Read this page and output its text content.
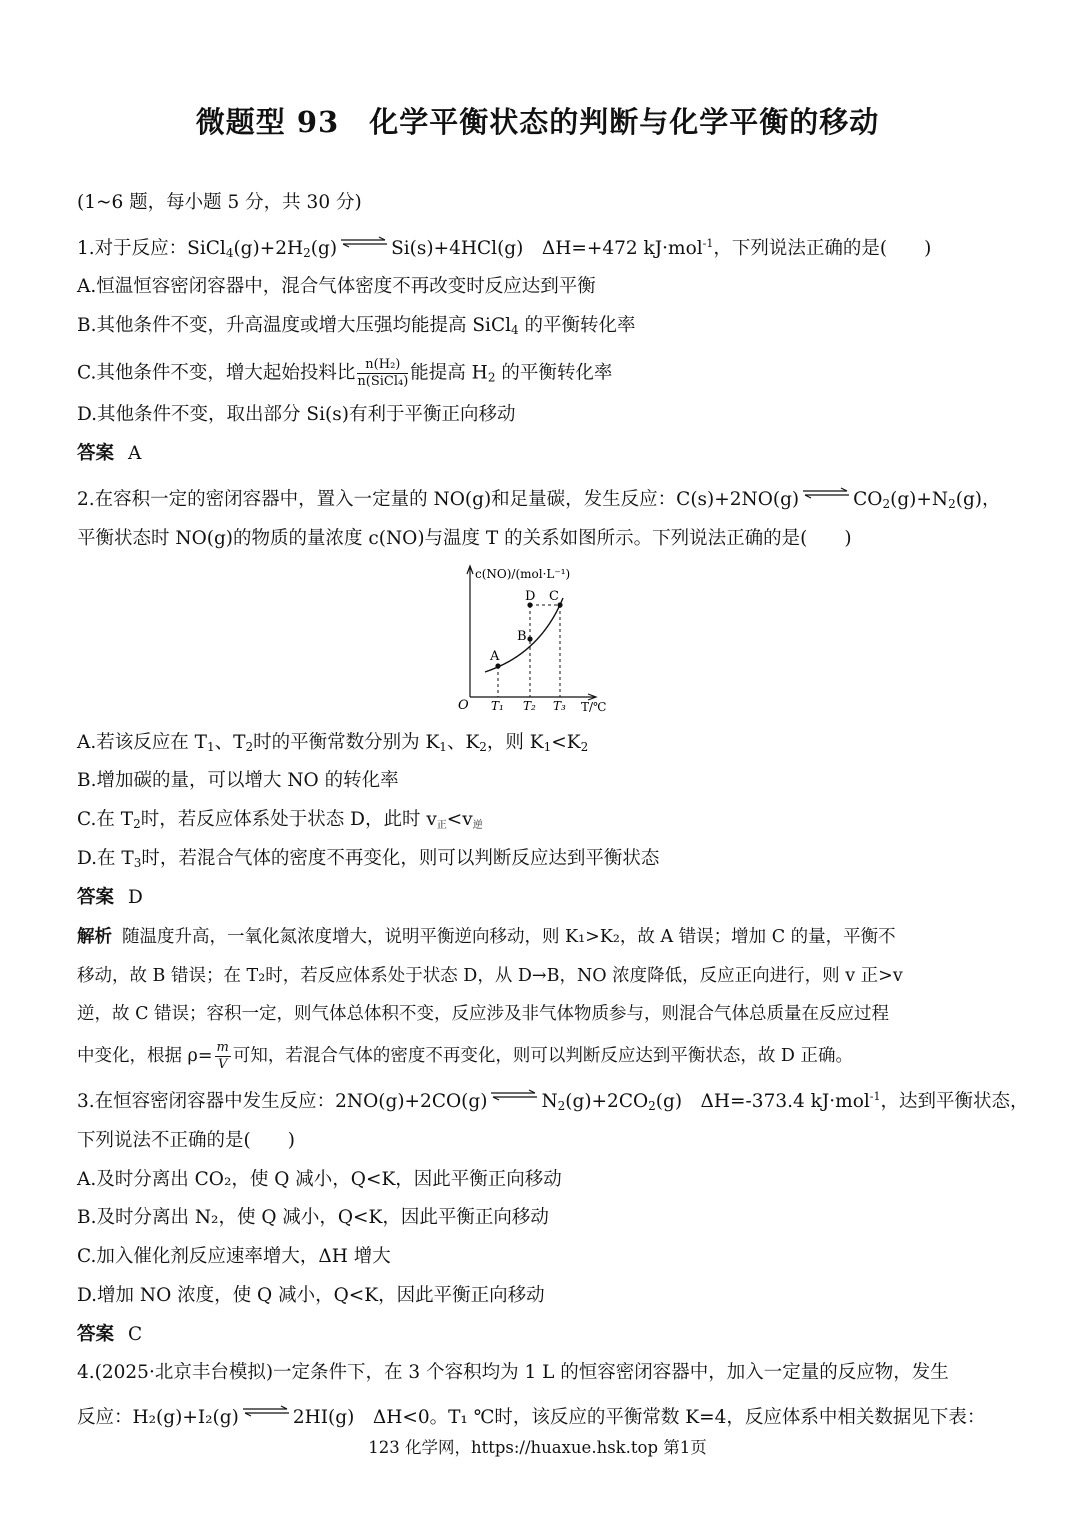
微题型 93　化学平衡状态的判断与化学平衡的移动
(1~6 题，每小题 5 分，共 30 分)
1.对于反应：$SiCl_4(g)+2H_2(g)$ ⇌ Si(s)+4HCl(g)　ΔH=+472 kJ·mol$^{-1}$，下列说法正确的是(　　)
A.恒温恒容密闭容器中，混合气体密度不再改变时反应达到平衡
B.其他条件不变，升高温度或增大压强均能提高 SiCl$_4$ 的平衡转化率
C.其他条件不变，增大起始投料比 $\frac{\text{n(H₂)}}{\text{n(SiCl₄)}}$ 能提高 $H_2$ 的平衡转化率
D.其他条件不变，取出部分 Si(s)有利于平衡正向移动
答案 A
2.在容积一定的密闭容器中，置入一定量的 NO(g)和足量碳，发生反应：C(s)+2NO(g) ⇌ $CO_2(g)+N_2(g)$，
平衡状态时 NO(g)的物质的量浓度 c(NO)与温度 T 的关系如图所示。下列说法正确的是(　　)
A
B
D C
c(NO)/(mol·L⁻¹)
O T₁ T₂ T₃ T/℃
A.若该反应在 $T_1$、$T_2$时的平衡常数分别为 $K_1$、$K_2$，则 $K_1<K_2$
B.增加碳的量，可以增大 NO 的转化率
C.在 $T_2$时，若反应体系处于状态 D，此时 v正<v逆
D.在 $T_3$时，若混合气体的密度不再变化，则可以判断反应达到平衡状态
答案 D
解析 随温度升高，一氧化氮浓度增大，说明平衡逆向移动，则 K₁>K₂，故 A 错误；增加 C 的量，平衡不
移动，故 B 错误；在 T₂时，若反应体系处于状态 D，从 D→B，NO 浓度降低，反应正向进行，则 v 正>v
逆，故 C 错误；容积一定，则气体总体积不变，反应涉及非气体物质参与，则混合气体总质量在反应过程
中变化，根据 $\rho= \frac{m}{V}$ 可知，若混合气体的密度不再变化，则可以判断反应达到平衡状态，故 D 正确。
3.在恒容密闭容器中发生反应：2NO(g)+2CO(g) ⇌ $N_2(g)+2CO_2(g)$　ΔH=-373.4 kJ·mol$^{-1}$，达到平衡状态，
下列说法不正确的是(　　)
A.及时分离出 CO₂，使 Q 减小，Q<K，因此平衡正向移动
B.及时分离出 N₂，使 Q 减小，Q<K，因此平衡正向移动
C.加入催化剂反应速率增大，ΔH 增大
D.增加 NO 浓度，使 Q 减小，Q<K，因此平衡正向移动
答案 C
4.(2025·北京丰台模拟)一定条件下，在 3 个容积均为 1 L 的恒容密闭容器中，加入一定量的反应物，发生
反应：H₂(g)+I₂(g) ⇌ 2HI(g)　ΔH<0。T₁ ℃时，该反应的平衡常数 K=4，反应体系中相关数据见下表：
123 化学网，https://huaxue.hsk.top 第1页
